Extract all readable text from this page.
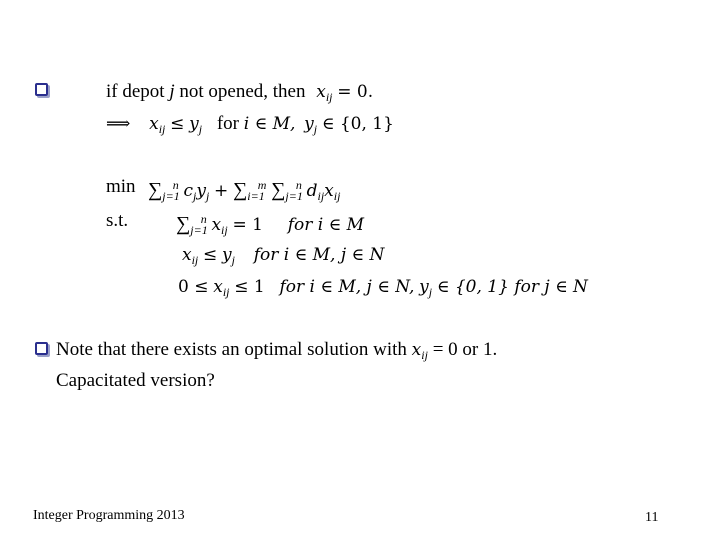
if depot j not opened, then $x_{ij} = 0$.
⟹ $x_{ij} \le y_j$ for i ∈ M, $y_j$ ∈ {0, 1}
$\min \sum_{j=1}^n$ $c_jy_j + \sum_{i=1}^m$ $\sum_{j=1}^n$ $d_{ij}x_{ij}$
s.t. $\sum_{j=1}^n$ $x_{ij} = 1$ for i ∈ M
$x_{ij} \le y_j$ for i ∈ M, j ∈ N
$0 \le x_{ij} \le 1$ for i ∈ M, j ∈ N, $y_j$ ∈ {0, 1} for j ∈ N
Note that there exists an optimal solution with $x_{ij} = 0$ or 1.
Capacitated version?
Integer Programming 2013	11
